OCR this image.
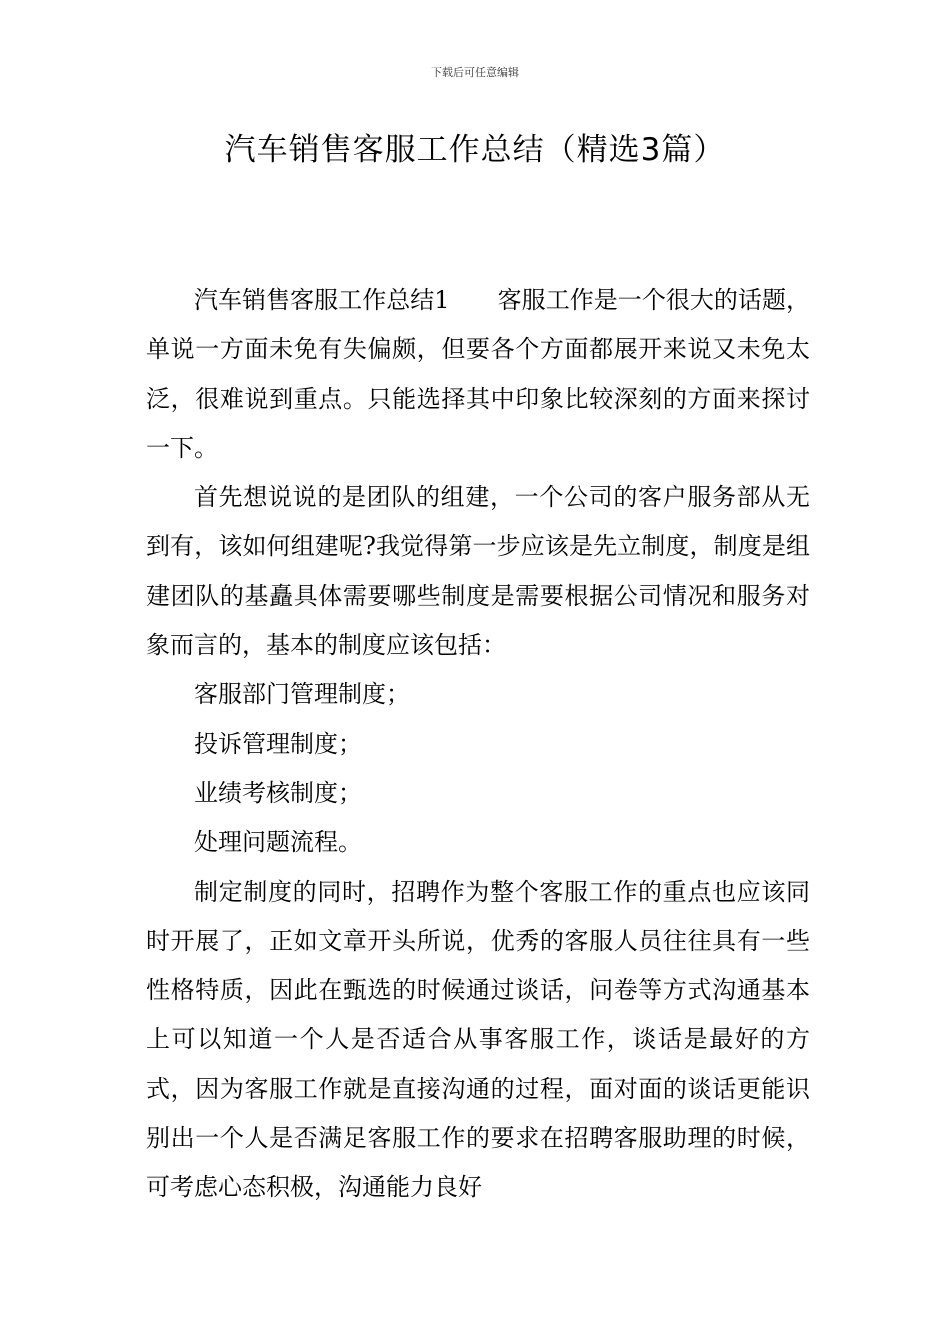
下载后可任意编辑
汽车销售客服工作总结（精选3篇）

汽车销售客服工作总结1　　客服工作是一个很大的话题，单说一方面未免有失偏颇，但要各个方面都展开来说又未免太泛，很难说到重点。只能选择其中印象比较深刻的方面来探讨一下。

首先想说说的是团队的组建，一个公司的客户服务部从无到有，该如何组建呢?我觉得第一步应该是先立制度，制度是组建团队的基矗具体需要哪些制度是需要根据公司情况和服务对象而言的，基本的制度应该包括：

客服部门管理制度；

投诉管理制度；

业绩考核制度；

处理问题流程。

制定制度的同时，招聘作为整个客服工作的重点也应该同时开展了，正如文章开头所说，优秀的客服人员往往具有一些性格特质，因此在甄选的时候通过谈话，问卷等方式沟通基本上可以知道一个人是否适合从事客服工作，谈话是最好的方式，因为客服工作就是直接沟通的过程，面对面的谈话更能识别出一个人是否满足客服工作的要求在招聘客服助理的时候，可考虑心态积极，沟通能力良好
